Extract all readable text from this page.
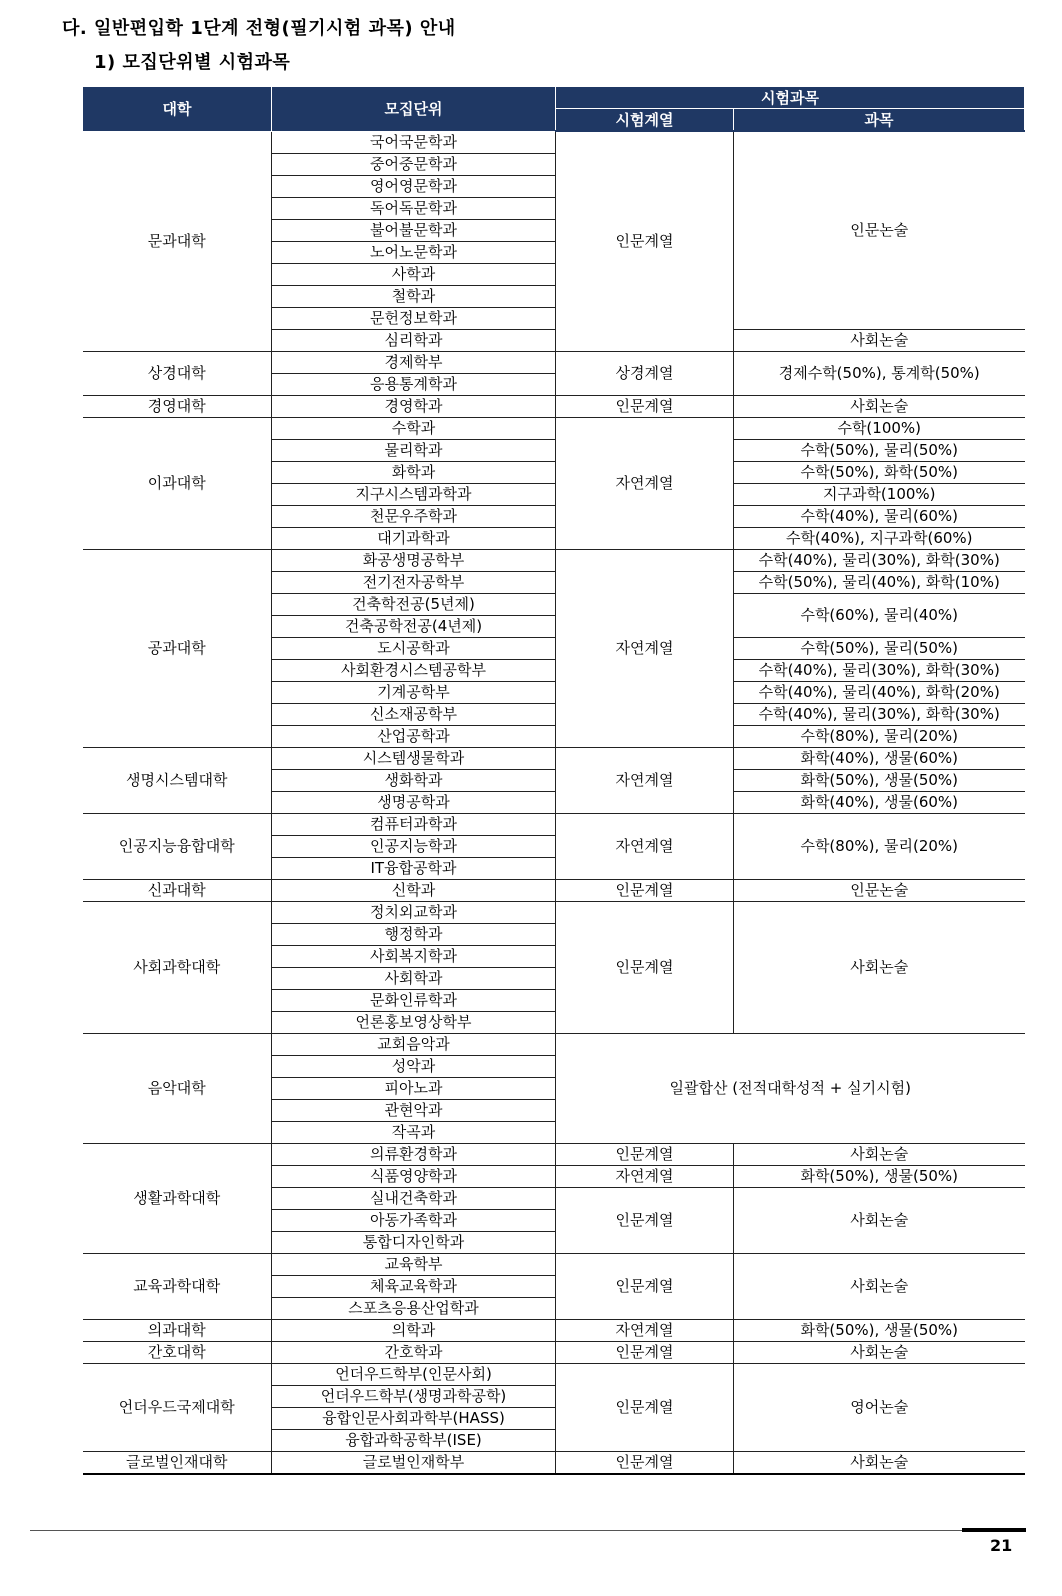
다. 일반편입학 1단계 전형(필기시험 과목) 안내
1) 모집단위별 시험과목
대학	모집단위	시험과목	
		시험계열	과목
문과대학	국어국문학과	인문계열	인문논술
	중어중문학과		
	영어영문학과		
	독어독문학과		
	불어불문학과		
	노어노문학과		
	사학과		
	철학과		
	문헌정보학과		
	심리학과		사회논술
상경대학	경제학부	상경계열	경제수학(50%), 통계학(50%)
	응용통계학과		
경영대학	경영학과	인문계열	사회논술
이과대학	수학과	자연계열	수학(100%)
	물리학과		수학(50%), 물리(50%)
	화학과		수학(50%), 화학(50%)
	지구시스템과학과		지구과학(100%)
	천문우주학과		수학(40%), 물리(60%)
	대기과학과		수학(40%), 지구과학(60%)
공과대학	화공생명공학부	자연계열	수학(40%), 물리(30%), 화학(30%)
	전기전자공학부		수학(50%), 물리(40%), 화학(10%)
	건축학전공(5년제)		수학(60%), 물리(40%)
	건축공학전공(4년제)		
	도시공학과		수학(50%), 물리(50%)
	사회환경시스템공학부		수학(40%), 물리(30%), 화학(30%)
	기계공학부		수학(40%), 물리(40%), 화학(20%)
	신소재공학부		수학(40%), 물리(30%), 화학(30%)
	산업공학과		수학(80%), 물리(20%)
생명시스템대학	시스템생물학과	자연계열	화학(40%), 생물(60%)
	생화학과		화학(50%), 생물(50%)
	생명공학과		화학(40%), 생물(60%)
인공지능융합대학	컴퓨터과학과	자연계열	수학(80%), 물리(20%)
	인공지능학과		
	IT융합공학과		
신과대학	신학과	인문계열	인문논술
사회과학대학	정치외교학과	인문계열	사회논술
	행정학과		
	사회복지학과		
	사회학과		
	문화인류학과		
	언론홍보영상학부		
음악대학	교회음악과	일괄합산 (전적대학성적 + 실기시험)	
	성악과		
	피아노과		
	관현악과		
	작곡과		
생활과학대학	의류환경학과	인문계열	사회논술
	식품영양학과	자연계열	화학(50%), 생물(50%)
	실내건축학과	인문계열	사회논술
	아동가족학과		
	통합디자인학과		
교육과학대학	교육학부	인문계열	사회논술
	체육교육학과		
	스포츠응용산업학과		
의과대학	의학과	자연계열	화학(50%), 생물(50%)
간호대학	간호학과	인문계열	사회논술
언더우드국제대학	언더우드학부(인문사회)	인문계열	영어논술
	언더우드학부(생명과학공학)		
	융합인문사회과학부(HASS)		
	융합과학공학부(ISE)		
글로벌인재대학	글로벌인재학부	인문계열	사회논술
21
